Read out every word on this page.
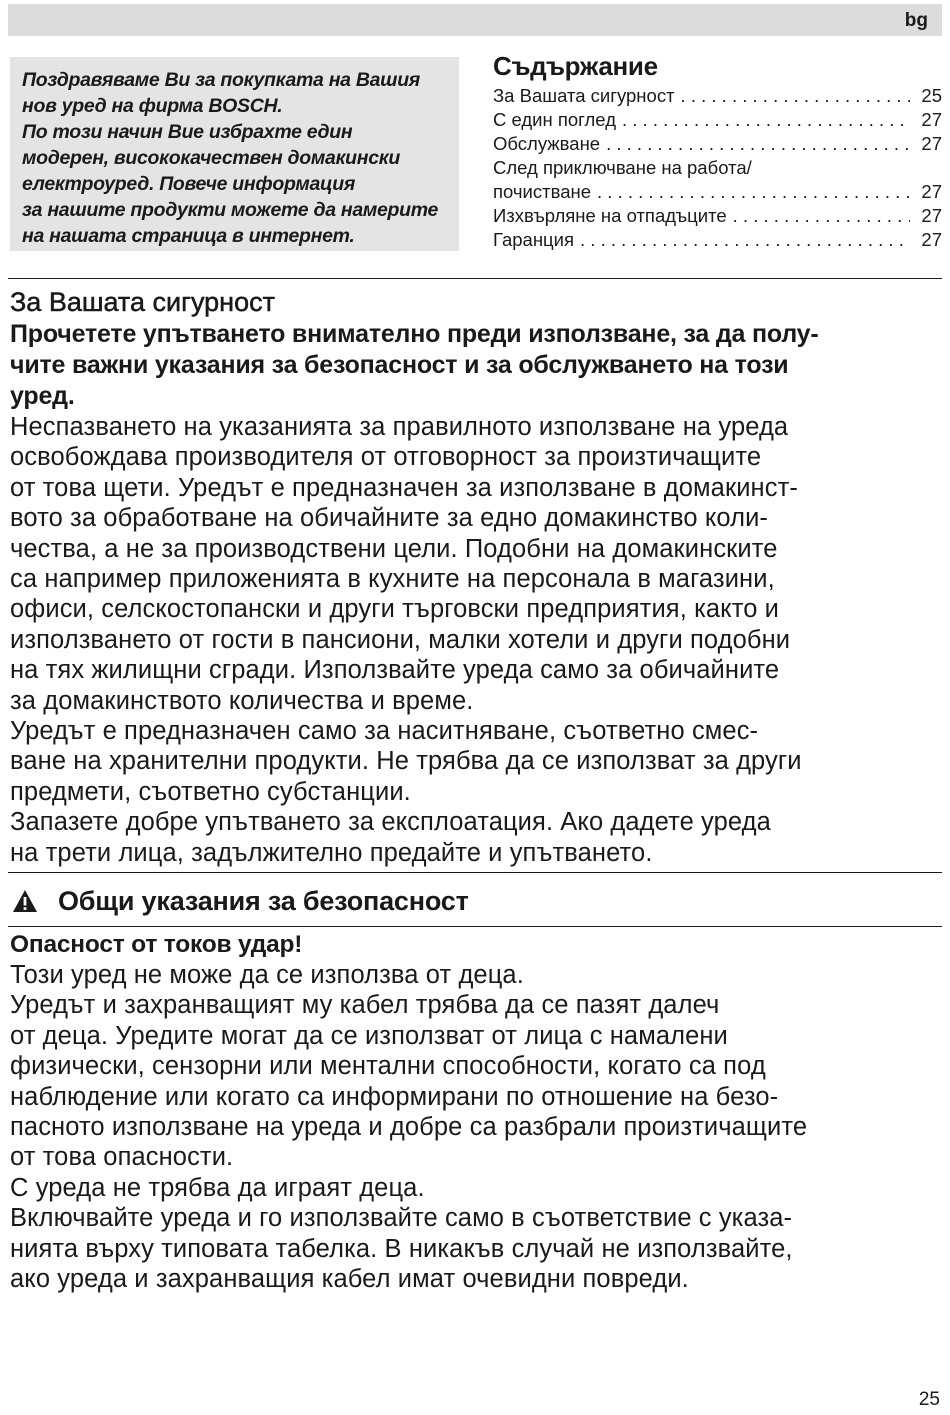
bg

Поздравяваме Ви за покупката на Вашия

нов уред на фирма BOSCH.

По този начин Вие избрахте един

модерен, висококачествен домакински

електроуред. Повече информация

за нашите продукти можете да намерите

на нашата страница в интернет.

Съдържание
За Вашата сигурност . . .	25
С един поглед . . .	27
Обслужване . . .	27
След приключване на работа/
почистване . . .	27
Изхвърляне на отпадъците . . .	27
Гаранция . . .	27
За Вашата сигурност

Прочетете упътването внимателно преди използване, за да полу-

чите важни указания за безопасност и за обслужването на този

уред.

Неспазването на указанията за правилното използване на уреда

освобождава производителя от отговорност за произтичащите

от това щети. Уредът е предназначен за използване в домакинст-

вото за обработване на обичайните за едно домакинство коли-

чества, а не за производствени цели. Подобни на домакинските

са например приложенията в кухните на персонала в магазини,

офиси, селскостопански и други търговски предприятия, както и

използването от гости в пансиони, малки хотели и други подобни

на тях жилищни сгради. Използвайте уреда само за обичайните

за домакинството количества и време.

Уредът е предназначен само за наситняване, съответно смес-

ване на хранителни продукти. Не трябва да се използват за други

предмети, съответно субстанции.

Запазете добре упътването за експлоатация. Ако дадете уреда

на трети лица, задължително предайте и упътването.

Общи указания за безопасност

Опасност от токов удар!

Този уред не може да се използва от деца.

Уредът и захранващият му кабел трябва да се пазят далеч

от деца. Уредите могат да се използват от лица с намалени

физически, сензорни или ментални способности, когато са под

наблюдение или когато са информирани по отношение на безо-

пасното използване на уреда и добре са разбрали произтичащите

от това опасности.

С уреда не трябва да играят деца.

Включвайте уреда и го използвайте само в съответствие с указа-

нията върху типовата табелка. В никакъв случай не използвайте,

ако уреда и захранващия кабел имат очевидни повреди.

25
